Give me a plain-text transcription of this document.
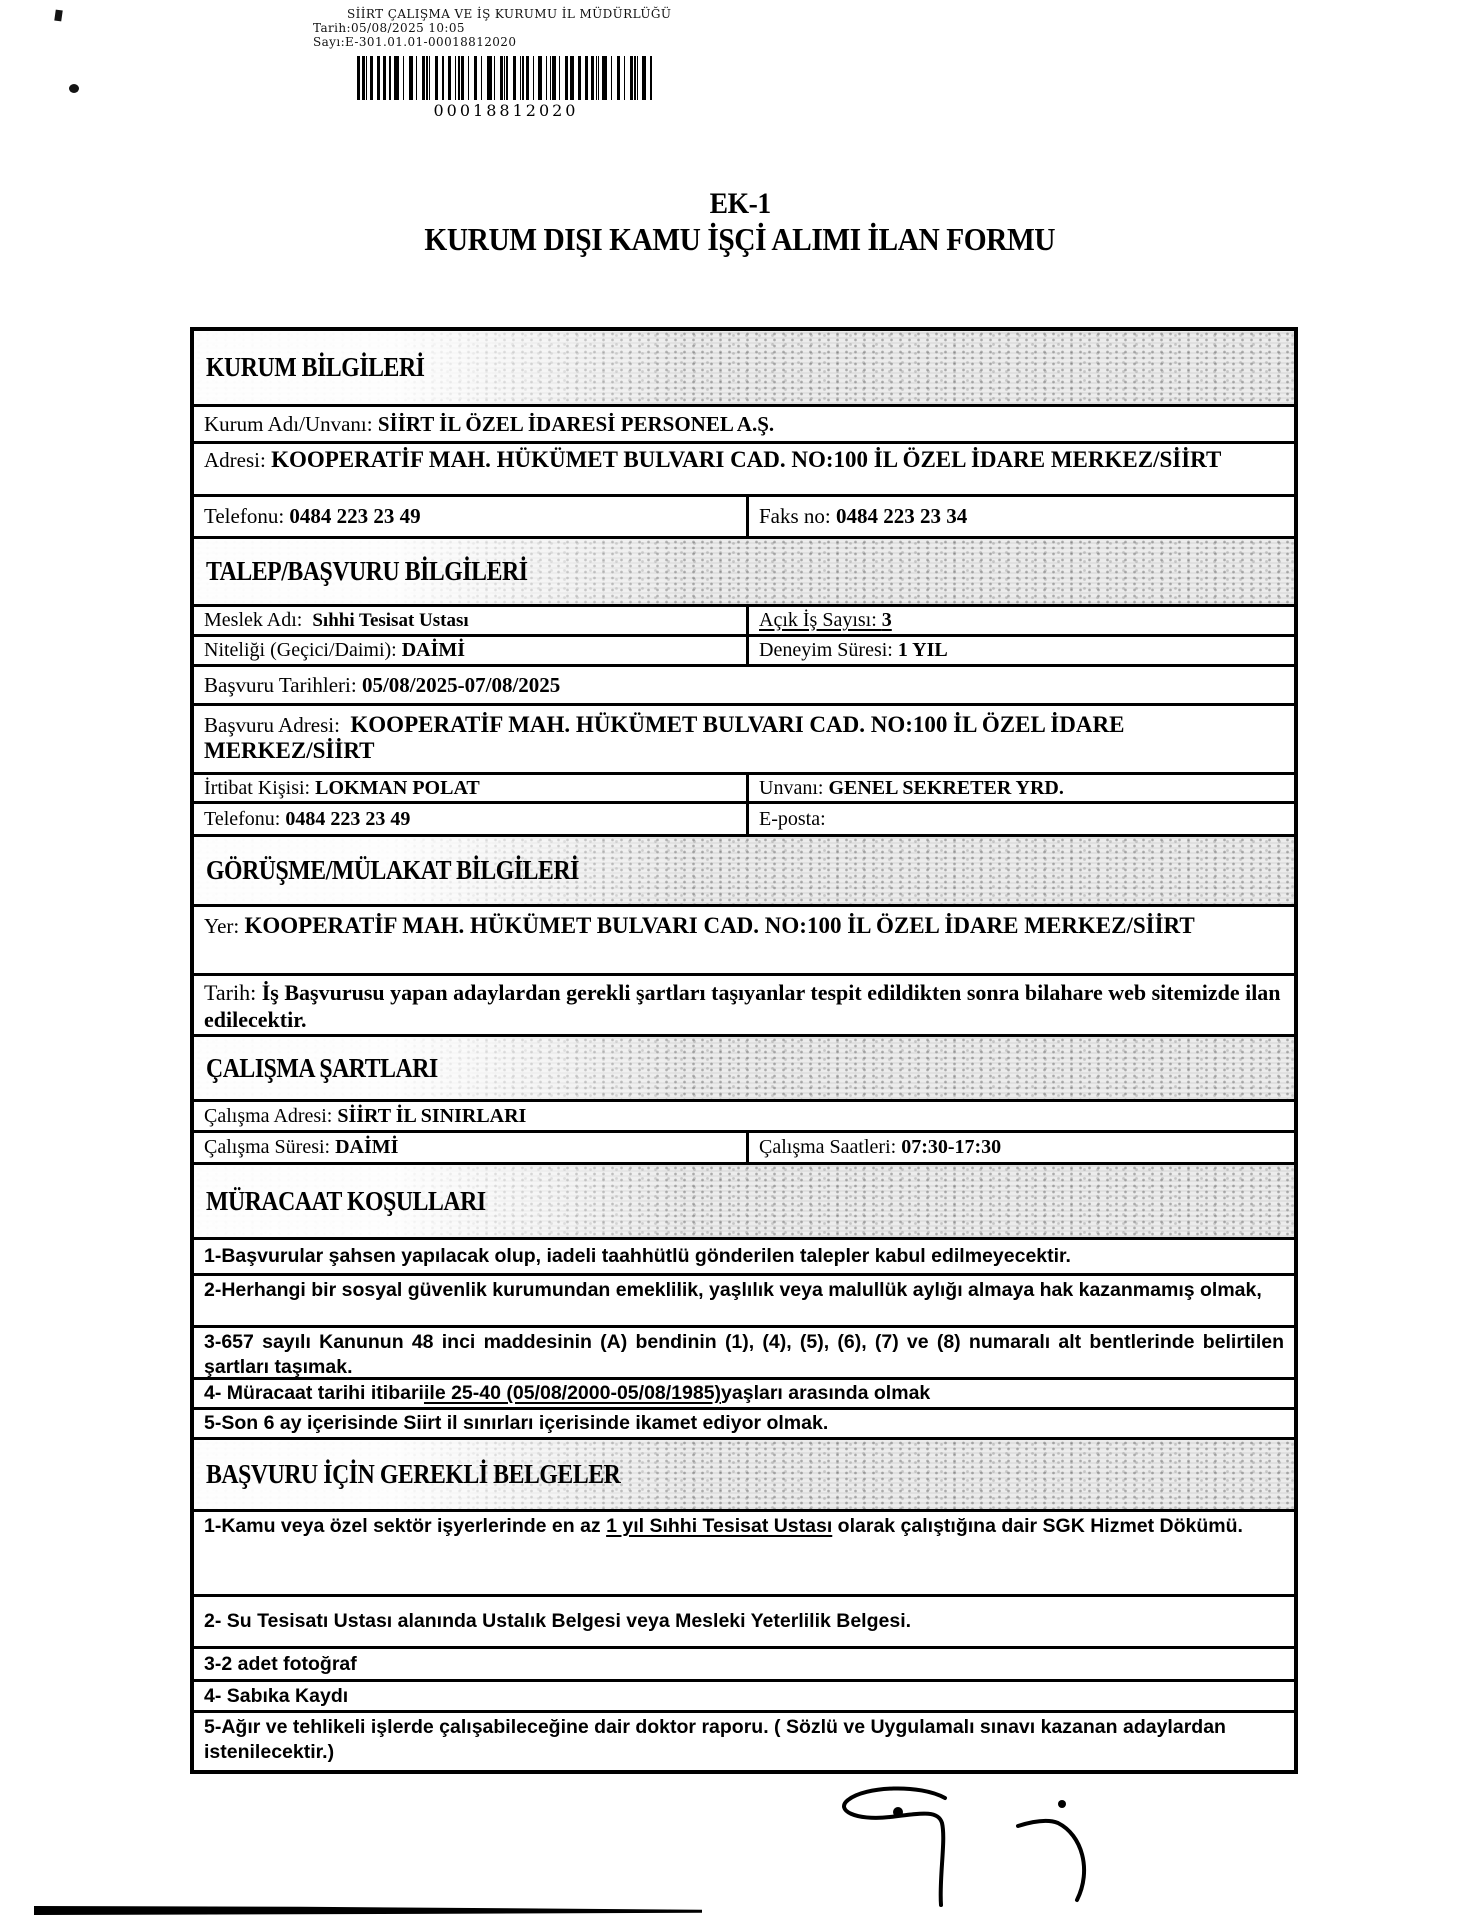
SİİRT ÇALIŞMA VE İŞ KURUMU İL MÜDÜRLÜĞÜ
Tarih:05/08/2025 10:05
Sayı:E-301.01.01-00018812020
00018812020
EK-1
KURUM DIŞI KAMU İŞÇİ ALIMI İLAN FORMU
KURUM BİLGİLERİ
Kurum Adı/Unvanı: SİİRT İL ÖZEL İDARESİ PERSONEL A.Ş.
Adresi: KOOPERATİF MAH. HÜKÜMET BULVARI CAD. NO:100 İL ÖZEL İDARE MERKEZ/SİİRT
Telefonu: 0484 223 23 49	Faks no: 0484 223 23 34
TALEP/BAŞVURU BİLGİLERİ
Meslek Adı: Sıhhi Tesisat Ustası	Açık İş Sayısı: 3
Niteliği (Geçici/Daimi): DAİMİ	Deneyim Süresi: 1 YIL
Başvuru Tarihleri: 05/08/2025-07/08/2025
Başvuru Adresi:  KOOPERATİF MAH. HÜKÜMET BULVARI CAD. NO:100 İL ÖZEL İDARE MERKEZ/SİİRT
İrtibat Kişisi: LOKMAN POLAT	Unvanı: GENEL SEKRETER YRD.
Telefonu: 0484 223 23 49	E-posta:
GÖRÜŞME/MÜLAKAT BİLGİLERİ
Yer: KOOPERATİF MAH. HÜKÜMET BULVARI CAD. NO:100 İL ÖZEL İDARE MERKEZ/SİİRT
Tarih: İş Başvurusu yapan adaylardan gerekli şartları taşıyanlar tespit edildikten sonra bilahare web sitemizde ilan edilecektir.
ÇALIŞMA ŞARTLARI
Çalışma Adresi: SİİRT İL SINIRLARI
Çalışma Süresi: DAİMİ	Çalışma Saatleri: 07:30-17:30
MÜRACAAT KOŞULLARI
1-Başvurular şahsen yapılacak olup, iadeli taahhütlü gönderilen talepler kabul edilmeyecektir.
2-Herhangi bir sosyal güvenlik kurumundan emeklilik, yaşlılık veya malullük aylığı almaya hak kazanmamış olmak,
3-657 sayılı Kanunun 48 inci maddesinin (A) bendinin (1), (4), (5), (6), (7) ve (8) numaralı alt bentlerinde belirtilen şartları taşımak.
4- Müracaat tarihi itibari ile 25-40 (05/08/2000-05/08/1985) yaşları arasında olmak
5-Son 6 ay içerisinde Siirt il sınırları içerisinde ikamet ediyor olmak.
BAŞVURU İÇİN GEREKLİ BELGELER
1-Kamu veya özel sektör işyerlerinde en az 1 yıl Sıhhi Tesisat Ustası olarak çalıştığına dair SGK Hizmet Dökümü.
2- Su Tesisatı Ustası alanında Ustalık Belgesi veya Mesleki Yeterlilik Belgesi.
3-2 adet fotoğraf
4- Sabıka Kaydı
5-Ağır ve tehlikeli işlerde çalışabileceğine dair doktor raporu. ( Sözlü ve Uygulamalı sınavı kazanan adaylardan istenilecektir.)
